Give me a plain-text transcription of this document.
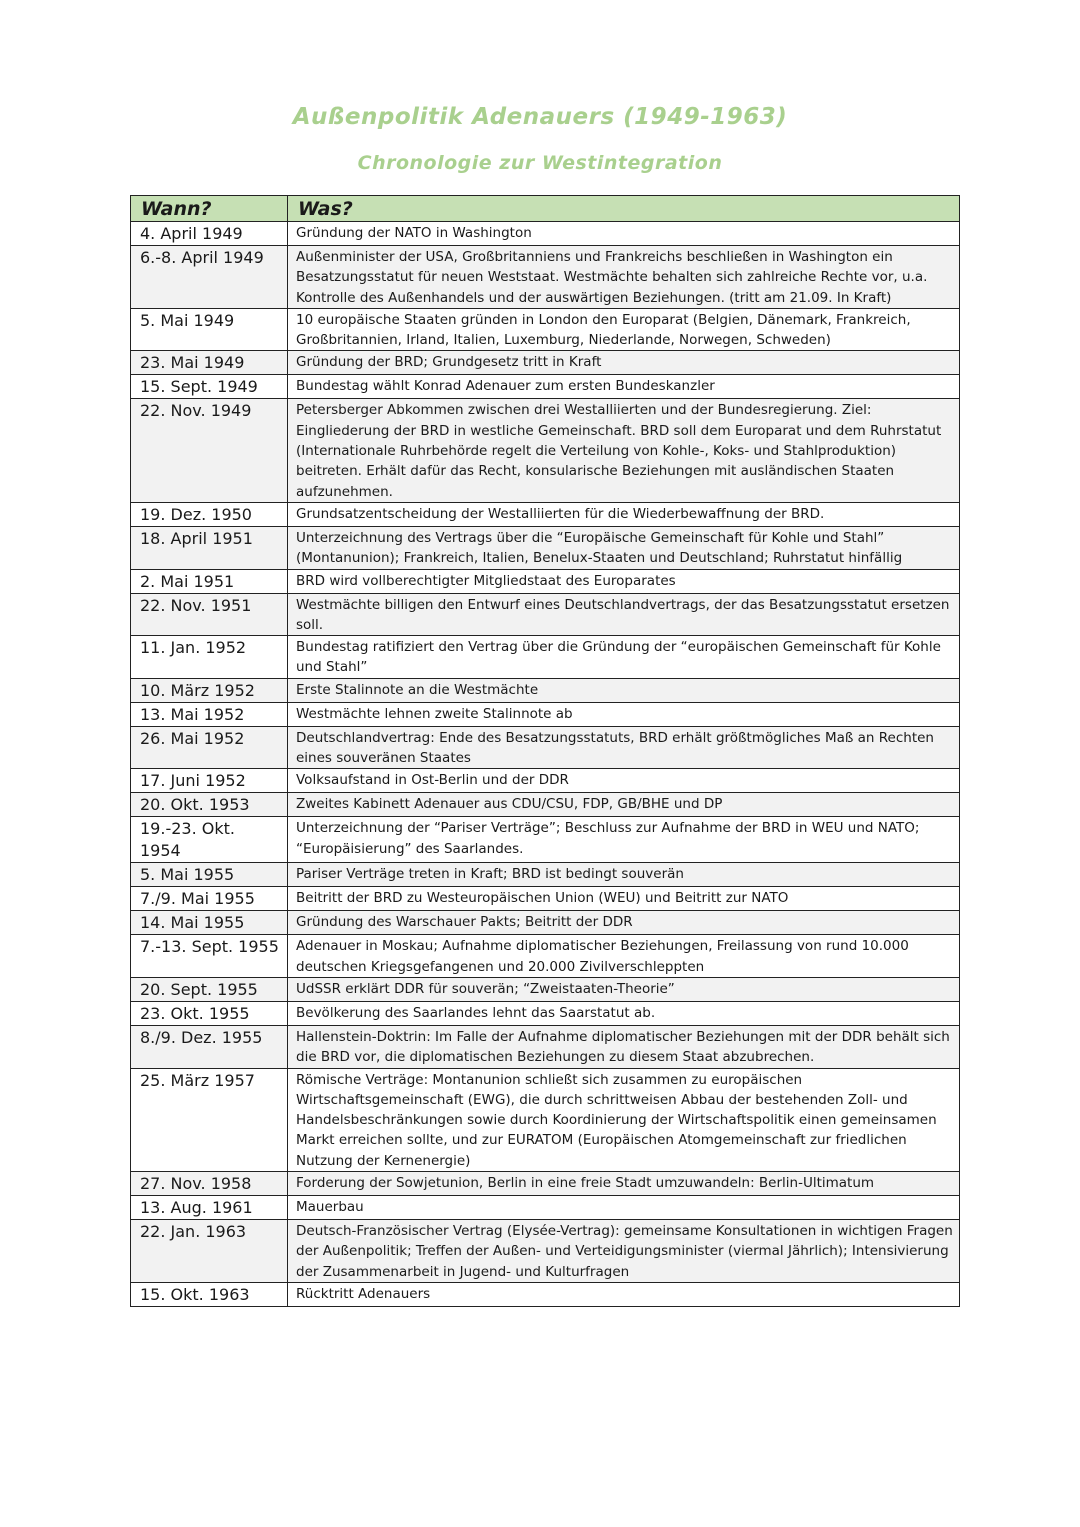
Außenpolitik Adenauers (1949-1963)
Chronologie zur Westintegration
Wann?	Was?
4. April 1949	Gründung der NATO in Washington
6.-8. April 1949	Außenminister der USA, Großbritanniens und Frankreichs beschließen in Washington ein Besatzungsstatut für neuen Weststaat. Westmächte behalten sich zahlreiche Rechte vor, u.a. Kontrolle des Außenhandels und der auswärtigen Beziehungen. (tritt am 21.09. In Kraft)
5. Mai 1949	10 europäische Staaten gründen in London den Europarat (Belgien, Dänemark, Frankreich, Großbritannien, Irland, Italien, Luxemburg, Niederlande, Norwegen, Schweden)
23. Mai 1949	Gründung der BRD; Grundgesetz tritt in Kraft
15. Sept. 1949	Bundestag wählt Konrad Adenauer zum ersten Bundeskanzler
22. Nov. 1949	Petersberger Abkommen zwischen drei Westalliierten und der Bundesregierung. Ziel: Eingliederung der BRD in westliche Gemeinschaft. BRD soll dem Europarat und dem Ruhrstatut (Internationale Ruhrbehörde regelt die Verteilung von Kohle-, Koks- und Stahlproduktion) beitreten. Erhält dafür das Recht, konsularische Beziehungen mit ausländischen Staaten aufzunehmen.
19. Dez. 1950	Grundsatzentscheidung der Westalliierten für die Wiederbewaffnung der BRD.
18. April 1951	Unterzeichnung des Vertrags über die “Europäische Gemeinschaft für Kohle und Stahl” (Montanunion); Frankreich, Italien, Benelux-Staaten und Deutschland; Ruhrstatut hinfällig
2. Mai 1951	BRD wird vollberechtigter Mitgliedstaat des Europarates
22. Nov. 1951	Westmächte billigen den Entwurf eines Deutschlandvertrags, der das Besatzungsstatut ersetzen soll.
11. Jan. 1952	Bundestag ratifiziert den Vertrag über die Gründung der “europäischen Gemeinschaft für Kohle und Stahl”
10. März 1952	Erste Stalinnote an die Westmächte
13. Mai 1952	Westmächte lehnen zweite Stalinnote ab
26. Mai 1952	Deutschlandvertrag: Ende des Besatzungsstatuts, BRD erhält größtmögliches Maß an Rechten eines souveränen Staates
17. Juni 1952	Volksaufstand in Ost-Berlin und der DDR
20. Okt. 1953	Zweites Kabinett Adenauer aus CDU/CSU, FDP, GB/BHE und DP
19.-23. Okt. 1954	Unterzeichnung der “Pariser Verträge”; Beschluss zur Aufnahme der BRD in WEU und NATO; “Europäisierung” des Saarlandes.
5. Mai 1955	Pariser Verträge treten in Kraft; BRD ist bedingt souverän
7./9. Mai 1955	Beitritt der BRD zu Westeuropäischen Union (WEU) und Beitritt zur NATO
14. Mai 1955	Gründung des Warschauer Pakts; Beitritt der DDR
7.-13. Sept. 1955	Adenauer in Moskau; Aufnahme diplomatischer Beziehungen, Freilassung von rund 10.000 deutschen Kriegsgefangenen und 20.000 Zivilverschleppten
20. Sept. 1955	UdSSR erklärt DDR für souverän; “Zweistaaten-Theorie”
23. Okt. 1955	Bevölkerung des Saarlandes lehnt das Saarstatut ab.
8./9. Dez. 1955	Hallenstein-Doktrin: Im Falle der Aufnahme diplomatischer Beziehungen mit der DDR behält sich die BRD vor, die diplomatischen Beziehungen zu diesem Staat abzubrechen.
25. März 1957	Römische Verträge: Montanunion schließt sich zusammen zu europäischen Wirtschaftsgemeinschaft (EWG), die durch schrittweisen Abbau der bestehenden Zoll- und Handelsbeschränkungen sowie durch Koordinierung der Wirtschaftspolitik einen gemeinsamen Markt erreichen sollte, und zur EURATOM (Europäischen Atomgemeinschaft zur friedlichen Nutzung der Kernenergie)
27. Nov. 1958	Forderung der Sowjetunion, Berlin in eine freie Stadt umzuwandeln: Berlin-Ultimatum
13. Aug. 1961	Mauerbau
22. Jan. 1963	Deutsch-Französischer Vertrag (Elysée-Vertrag): gemeinsame Konsultationen in wichtigen Fragen der Außenpolitik; Treffen der Außen- und Verteidigungsminister (viermal Jährlich); Intensivierung der Zusammenarbeit in Jugend- und Kulturfragen
15. Okt. 1963	Rücktritt Adenauers
